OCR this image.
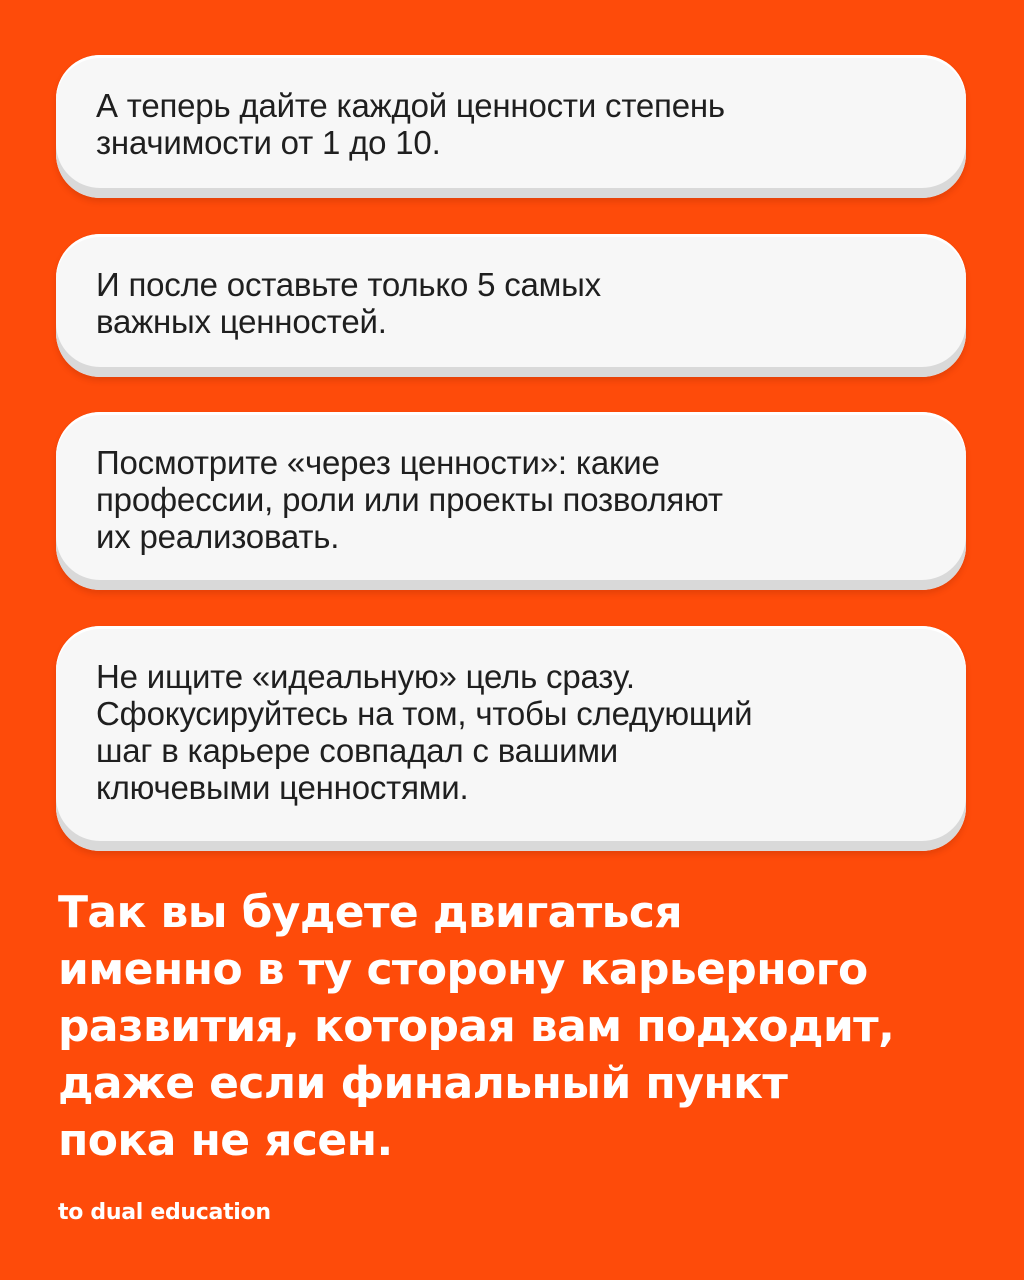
А теперь дайте каждой ценности степень
значимости от 1 до 10.

И после оставьте только 5 самых
важных ценностей.

Посмотрите «через ценности»: какие
профессии, роли или проекты позволяют
их реализовать.

Не ищите «идеальную» цель сразу.
Сфокусируйтесь на том, чтобы следующий
шаг в карьере совпадал с вашими
ключевыми ценностями.

Так вы будете двигаться
именно в ту сторону карьерного
развития, которая вам подходит,
даже если финальный пункт
пока не ясен.

to dual education
